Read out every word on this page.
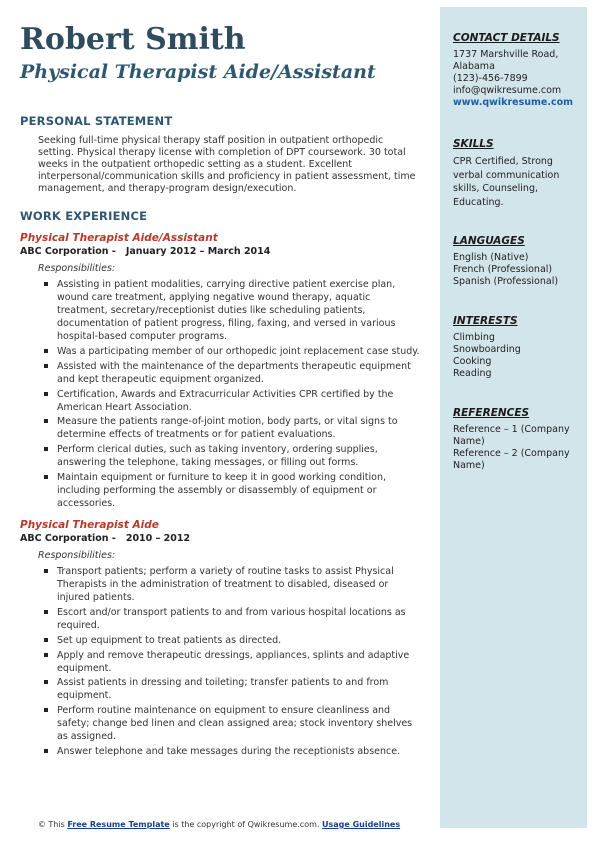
Robert Smith
Physical Therapist Aide/Assistant
PERSONAL STATEMENT
Seeking full-time physical therapy staff position in outpatient orthopedic setting. Physical therapy license with completion of DPT coursework. 30 total weeks in the outpatient orthopedic setting as a student. Excellent interpersonal/communication skills and proficiency in patient assessment, time management, and therapy-program design/execution.
WORK EXPERIENCE
Physical Therapist Aide/Assistant
ABC Corporation - January 2012 – March 2014
Responsibilities:
Assisting in patient modalities, carrying directive patient exercise plan, wound care treatment, applying negative wound therapy, aquatic treatment, secretary/receptionist duties like scheduling patients, documentation of patient progress, filing, faxing, and versed in various hospital-based computer programs.
Was a participating member of our orthopedic joint replacement case study.
Assisted with the maintenance of the departments therapeutic equipment and kept therapeutic equipment organized.
Certification, Awards and Extracurricular Activities CPR certified by the American Heart Association.
Measure the patients range-of-joint motion, body parts, or vital signs to determine effects of treatments or for patient evaluations.
Perform clerical duties, such as taking inventory, ordering supplies, answering the telephone, taking messages, or filling out forms.
Maintain equipment or furniture to keep it in good working condition, including performing the assembly or disassembly of equipment or accessories.
Physical Therapist Aide
ABC Corporation - 2010 – 2012
Responsibilities:
Transport patients; perform a variety of routine tasks to assist Physical Therapists in the administration of treatment to disabled, diseased or injured patients.
Escort and/or transport patients to and from various hospital locations as required.
Set up equipment to treat patients as directed.
Apply and remove therapeutic dressings, appliances, splints and adaptive equipment.
Assist patients in dressing and toileting; transfer patients to and from equipment.
Perform routine maintenance on equipment to ensure cleanliness and safety; change bed linen and clean assigned area; stock inventory shelves as assigned.
Answer telephone and take messages during the receptionists absence.
© This Free Resume Template is the copyright of Qwikresume.com. Usage Guidelines
CONTACT DETAILS
1737 Marshville Road,
Alabama
(123)-456-7899
info@qwikresume.com
www.qwikresume.com
SKILLS
CPR Certified, Strong verbal communication skills, Counseling, Educating.
LANGUAGES
English (Native)
French (Professional)
Spanish (Professional)
INTERESTS
Climbing
Snowboarding
Cooking
Reading
REFERENCES
Reference – 1 (Company Name)
Reference – 2 (Company Name)
